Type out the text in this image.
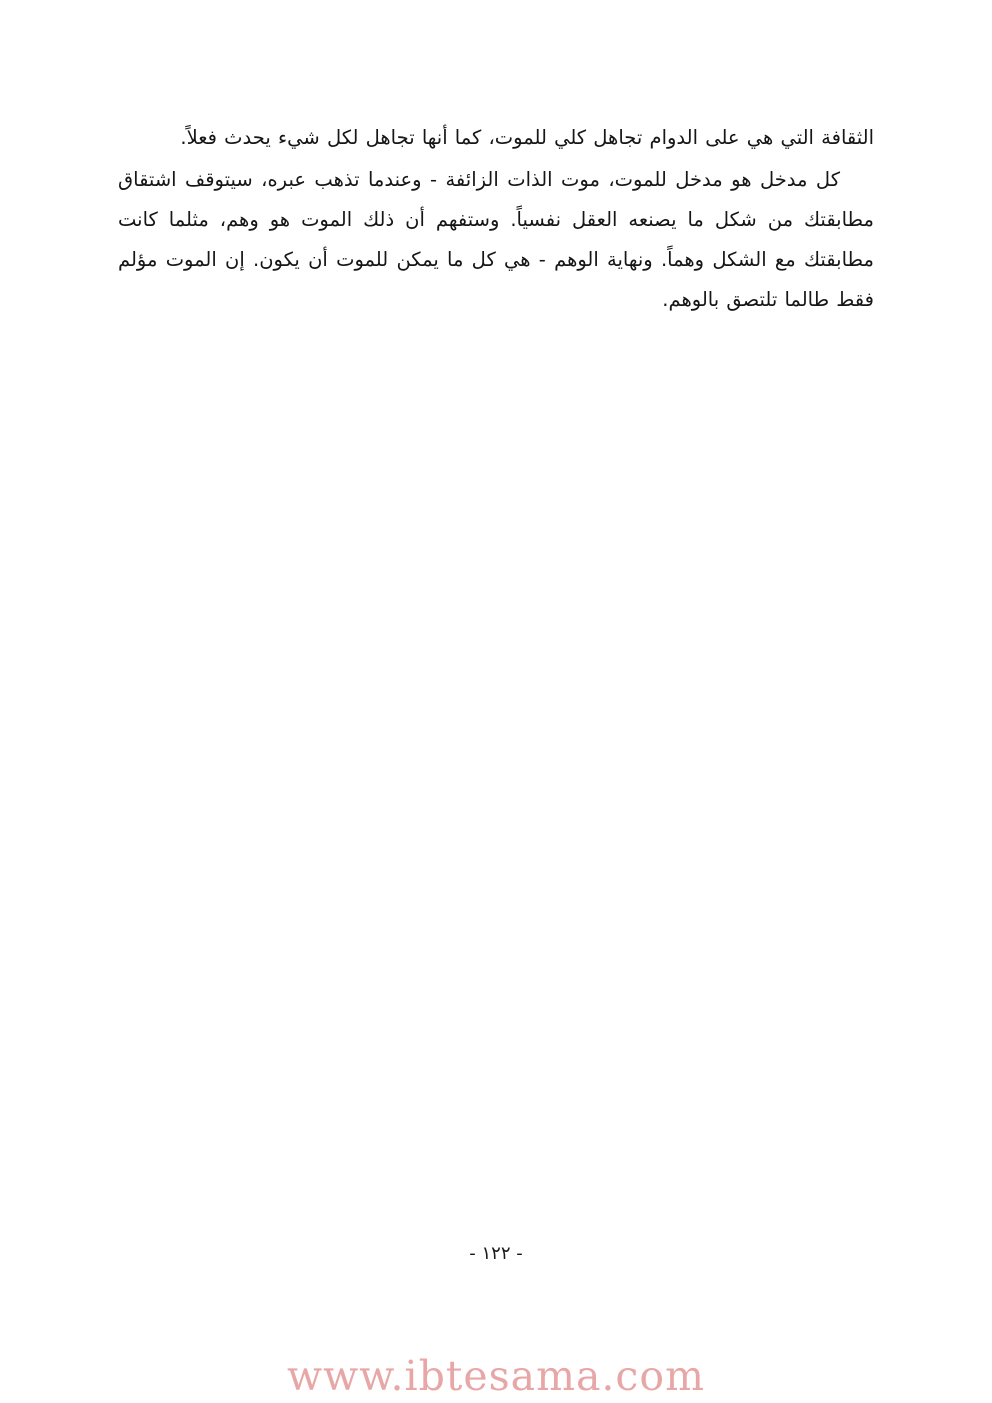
الثقافة التي هي على الدوام تجاهل كلي للموت، كما أنها تجاهل لكل شيء يحدث فعلاً.

كل مدخل هو مدخل للموت، موت الذات الزائفة - وعندما تذهب عبره، سيتوقف اشتقاق مطابقتك من شكل ما يصنعه العقل نفسياً. وستفهم أن ذلك الموت هو وهم، مثلما كانت مطابقتك مع الشكل وهماً. ونهاية الوهم - هي كل ما يمكن للموت أن يكون. إن الموت مؤلم فقط طالما تلتصق بالوهم.

- ١٢٢ -
www.ibtesama.com
